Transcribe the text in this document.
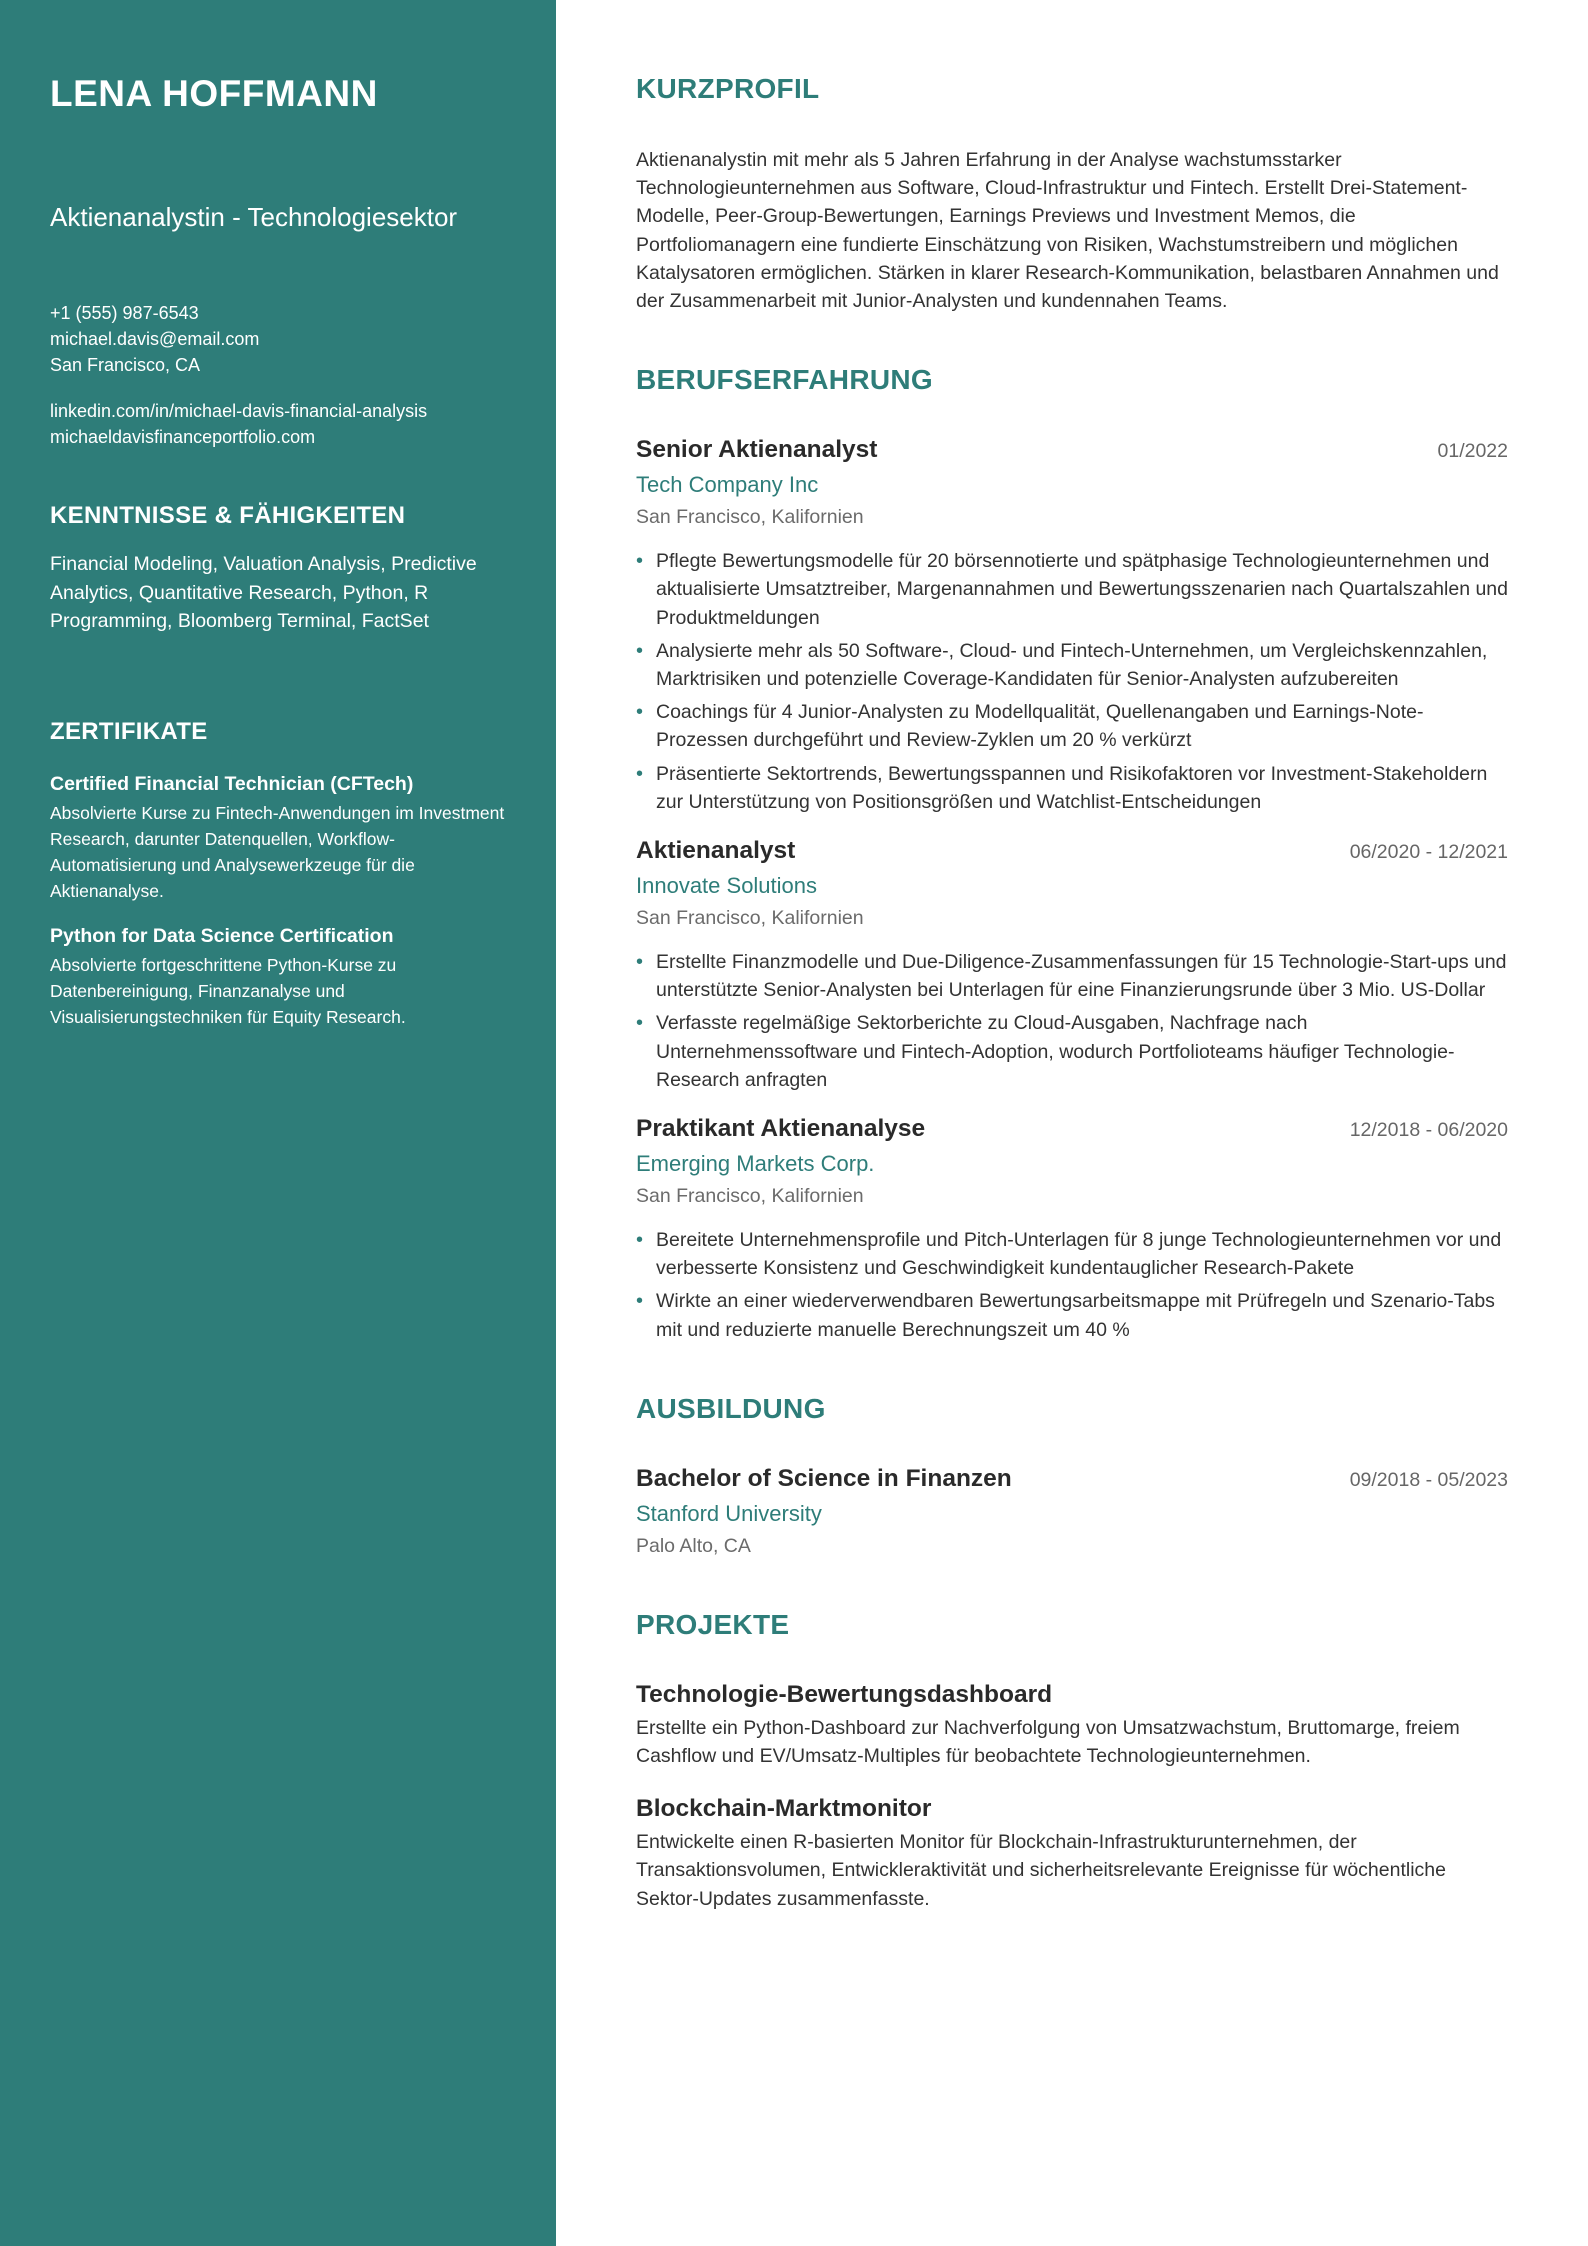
LENA HOFFMANN
Aktienanalystin - Technologiesektor
+1 (555) 987-6543
michael.davis@email.com
San Francisco, CA
linkedin.com/in/michael-davis-financial-analysis
michaeldavisfinanceportfolio.com
KENNTNISSE & FÄHIGKEITEN

Financial Modeling, Valuation Analysis, Predictive Analytics, Quantitative Research, Python, R Programming, Bloomberg Terminal, FactSet

ZERTIFIKATE
Certified Financial Technician (CFTech)
Absolvierte Kurse zu Fintech-Anwendungen im Investment Research, darunter Datenquellen, Workflow-Automatisierung und Analysewerkzeuge für die Aktienanalyse.
Python for Data Science Certification
Absolvierte fortgeschrittene Python-Kurse zu Datenbereinigung, Finanzanalyse und Visualisierungstechniken für Equity Research.
KURZPROFIL

Aktienanalystin mit mehr als 5 Jahren Erfahrung in der Analyse wachstumsstarker Technologieunternehmen aus Software, Cloud-Infrastruktur und Fintech. Erstellt Drei-Statement-Modelle, Peer-Group-Bewertungen, Earnings Previews und Investment Memos, die Portfoliomanagern eine fundierte Einschätzung von Risiken, Wachstumstreibern und möglichen Katalysatoren ermöglichen. Stärken in klarer Research-Kommunikation, belastbaren Annahmen und der Zusammenarbeit mit Junior-Analysten und kundennahen Teams.

BERUFSERFAHRUNG
Senior Aktienanalyst	01/2022
Tech Company Inc
San Francisco, Kalifornien
• Pflegte Bewertungsmodelle für 20 börsennotierte und spätphasige Technologieunternehmen und aktualisierte Umsatztreiber, Margenannahmen und Bewertungsszenarien nach Quartalszahlen und Produktmeldungen
• Analysierte mehr als 50 Software-, Cloud- und Fintech-Unternehmen, um Vergleichskennzahlen, Marktrisiken und potenzielle Coverage-Kandidaten für Senior-Analysten aufzubereiten
• Coachings für 4 Junior-Analysten zu Modellqualität, Quellenangaben und Earnings-Note-Prozessen durchgeführt und Review-Zyklen um 20 % verkürzt
• Präsentierte Sektortrends, Bewertungsspannen und Risikofaktoren vor Investment-Stakeholdern zur Unterstützung von Positionsgrößen und Watchlist-Entscheidungen
Aktienanalyst	06/2020 - 12/2021
Innovate Solutions
San Francisco, Kalifornien
• Erstellte Finanzmodelle und Due-Diligence-Zusammenfassungen für 15 Technologie-Start-ups und unterstützte Senior-Analysten bei Unterlagen für eine Finanzierungsrunde über 3 Mio. US-Dollar
• Verfasste regelmäßige Sektorberichte zu Cloud-Ausgaben, Nachfrage nach Unternehmenssoftware und Fintech-Adoption, wodurch Portfolioteams häufiger Technologie-Research anfragten
Praktikant Aktienanalyse	12/2018 - 06/2020
Emerging Markets Corp.
San Francisco, Kalifornien
• Bereitete Unternehmensprofile und Pitch-Unterlagen für 8 junge Technologieunternehmen vor und verbesserte Konsistenz und Geschwindigkeit kundentauglicher Research-Pakete
• Wirkte an einer wiederverwendbaren Bewertungsarbeitsmappe mit Prüfregeln und Szenario-Tabs mit und reduzierte manuelle Berechnungszeit um 40 %
AUSBILDUNG
Bachelor of Science in Finanzen	09/2018 - 05/2023
Stanford University
Palo Alto, CA
PROJEKTE
Technologie-Bewertungsdashboard

Erstellte ein Python-Dashboard zur Nachverfolgung von Umsatzwachstum, Bruttomarge, freiem Cashflow und EV/Umsatz-Multiples für beobachtete Technologieunternehmen.

Blockchain-Marktmonitor

Entwickelte einen R-basierten Monitor für Blockchain-Infrastrukturunternehmen, der Transaktionsvolumen, Entwickleraktivität und sicherheitsrelevante Ereignisse für wöchentliche Sektor-Updates zusammenfasste.
